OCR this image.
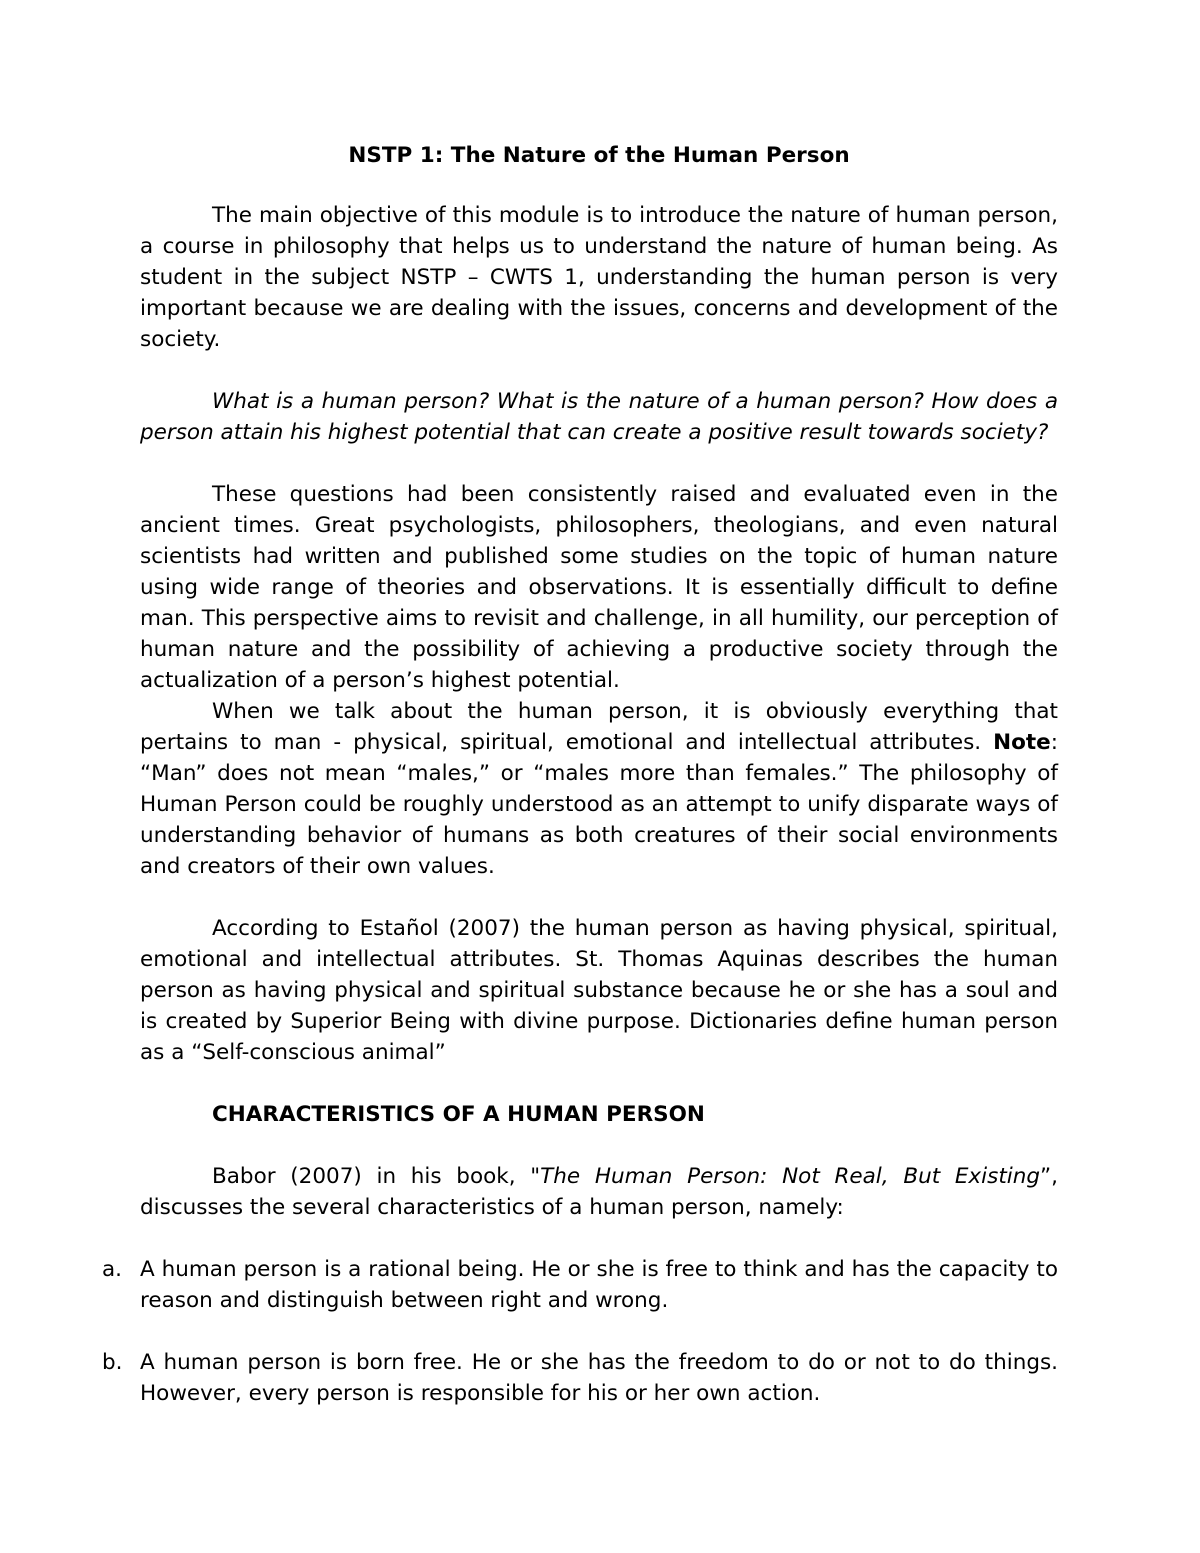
NSTP 1: The Nature of the Human Person

The main objective of this module is to introduce the nature of human person, a course in philosophy that helps us to understand the nature of human being. As student in the subject NSTP – CWTS 1, understanding the human person is very important because we are dealing with the issues, concerns and development of the society.

What is a human person? What is the nature of a human person? How does a person attain his highest potential that can create a positive result towards society?

These questions had been consistently raised and evaluated even in the ancient times. Great psychologists, philosophers, theologians, and even natural scientists had written and published some studies on the topic of human nature using wide range of theories and observations. It is essentially difficult to define man. This perspective aims to revisit and challenge, in all humility, our perception of human nature and the possibility of achieving a productive society through the actualization of a person’s highest potential.

When we talk about the human person, it is obviously everything that pertains to man - physical, spiritual, emotional and intellectual attributes. Note: “Man” does not mean “males,” or “males more than females.” The philosophy of Human Person could be roughly understood as an attempt to unify disparate ways of understanding behavior of humans as both creatures of their social environments and creators of their own values.

According to Estañol (2007) the human person as having physical, spiritual, emotional and intellectual attributes. St. Thomas Aquinas describes the human person as having physical and spiritual substance because he or she has a soul and is created by Superior Being with divine purpose. Dictionaries define human person as a “Self-conscious animal”

CHARACTERISTICS OF A HUMAN PERSON

Babor (2007) in his book, "The Human Person: Not Real, But Existing”, discusses the several characteristics of a human person, namely:

a. A human person is a rational being. He or she is free to think and has the capacity to reason and distinguish between right and wrong.
b. A human person is born free. He or she has the freedom to do or not to do things. However, every person is responsible for his or her own action.
